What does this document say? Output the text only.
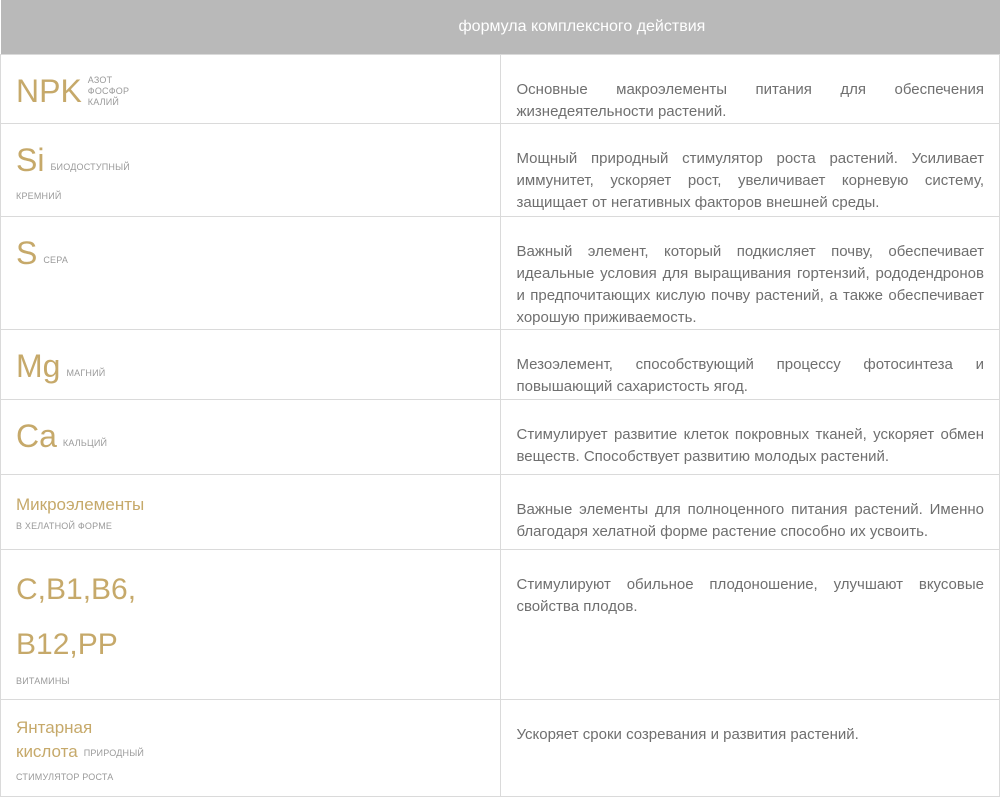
формула комплексного действия	

NPK АЗОТ
ФОСФОР
КАЛИЙ	Основные макроэлементы питания для обеспечения жизнедеятельности растений.
Si БИОДОСТУПНЫЙ
КРЕМНИЙ	Мощный природный стимулятор роста растений. Усиливает иммунитет, ускоряет рост, увеличивает корневую систему, защищает от негативных факторов внешней среды.
S СЕРА	Важный элемент, который подкисляет почву, обеспечивает идеальные условия для выращивания гортензий, рододендронов и предпочитающих кислую почву растений, а также обеспечивает хорошую приживаемость.
Mg МАГНИЙ	Мезоэлемент, способствующий процессу фотосинтеза и повышающий сахаристость ягод.
Ca КАЛЬЦИЙ	Стимулирует развитие клеток покровных тканей, ускоряет обмен веществ. Способствует развитию молодых растений.
Микроэлементы
В ХЕЛАТНОЙ ФОРМЕ	Важные элементы для полноценного питания растений. Именно благодаря хелатной форме растение способно их усвоить.

C,B1,B6,
B12,PP
ВИТАМИНЫ	Стимулируют обильное плодоношение, улучшают вкусовые свойства плодов.

Янтарная
кислота ПРИРОДНЫЙ
СТИМУЛЯТОР РОСТА	Ускоряет сроки созревания и развития растений.
